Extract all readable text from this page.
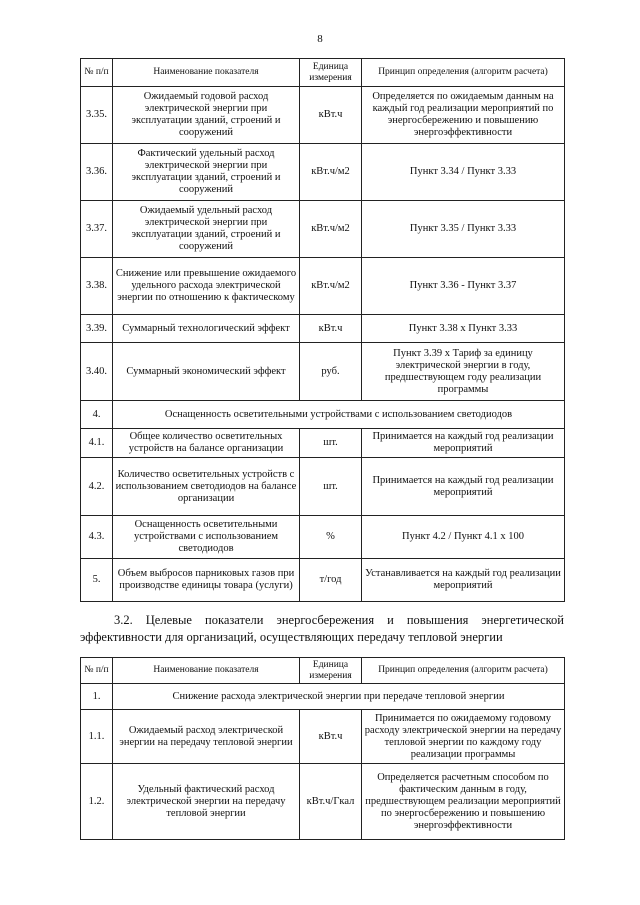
8
№ п/п	Наименование показателя	Единица измерения	Принцип определения (алгоритм расчета)
3.35.	Ожидаемый годовой расход электрической энергии при эксплуатации зданий, строений и сооружений	кВт.ч	Определяется по ожидаемым данным на каждый год реализации мероприятий по энергосбережению и повышению энергоэффективности
3.36.	Фактический удельный расход электрической энергии при эксплуатации зданий, строений и сооружений	кВт.ч/м2	Пункт 3.34 / Пункт 3.33
3.37.	Ожидаемый удельный расход электрической энергии при эксплуатации зданий, строений и сооружений	кВт.ч/м2	Пункт 3.35 / Пункт 3.33
3.38.	Снижение или превышение ожидаемого удельного расхода электрической энергии по отношению к фактическому	кВт.ч/м2	Пункт 3.36 - Пункт 3.37
3.39.	Суммарный технологический эффект	кВт.ч	Пункт 3.38 x Пункт 3.33
3.40.	Суммарный экономический эффект	руб.	Пункт 3.39 x Тариф за единицу электрической энергии в году, предшествующем году реализации программы
4.	Оснащенность осветительными устройствами с использованием светодиодов		
4.1.	Общее количество осветительных устройств на балансе организации	шт.	Принимается на каждый год реализации мероприятий
4.2.	Количество осветительных устройств с использованием светодиодов на балансе организации	шт.	Принимается на каждый год реализации мероприятий
4.3.	Оснащенность осветительными устройствами с использованием светодиодов	%	Пункт 4.2 / Пункт 4.1 x 100
5.	Объем выбросов парниковых газов при производстве единицы товара (услуги)	т/год	Устанавливается на каждый год реализации мероприятий
3.2. Целевые показатели энергосбережения и повышения энергетической
эффективности для организаций, осуществляющих передачу тепловой энергии
№ п/п	Наименование показателя	Единица измерения	Принцип определения (алгоритм расчета)
1.	Снижение расхода электрической энергии при передаче тепловой энергии		
1.1.	Ожидаемый расход электрической энергии на передачу тепловой энергии	кВт.ч	Принимается по ожидаемому годовому расходу электрической энергии на передачу тепловой энергии по каждому году реализации программы
1.2.	Удельный фактический расход электрической энергии на передачу тепловой энергии	кВт.ч/Гкал	Определяется расчетным способом по фактическим данным в году, предшествующем реализации мероприятий по энергосбережению и повышению энергоэффективности
